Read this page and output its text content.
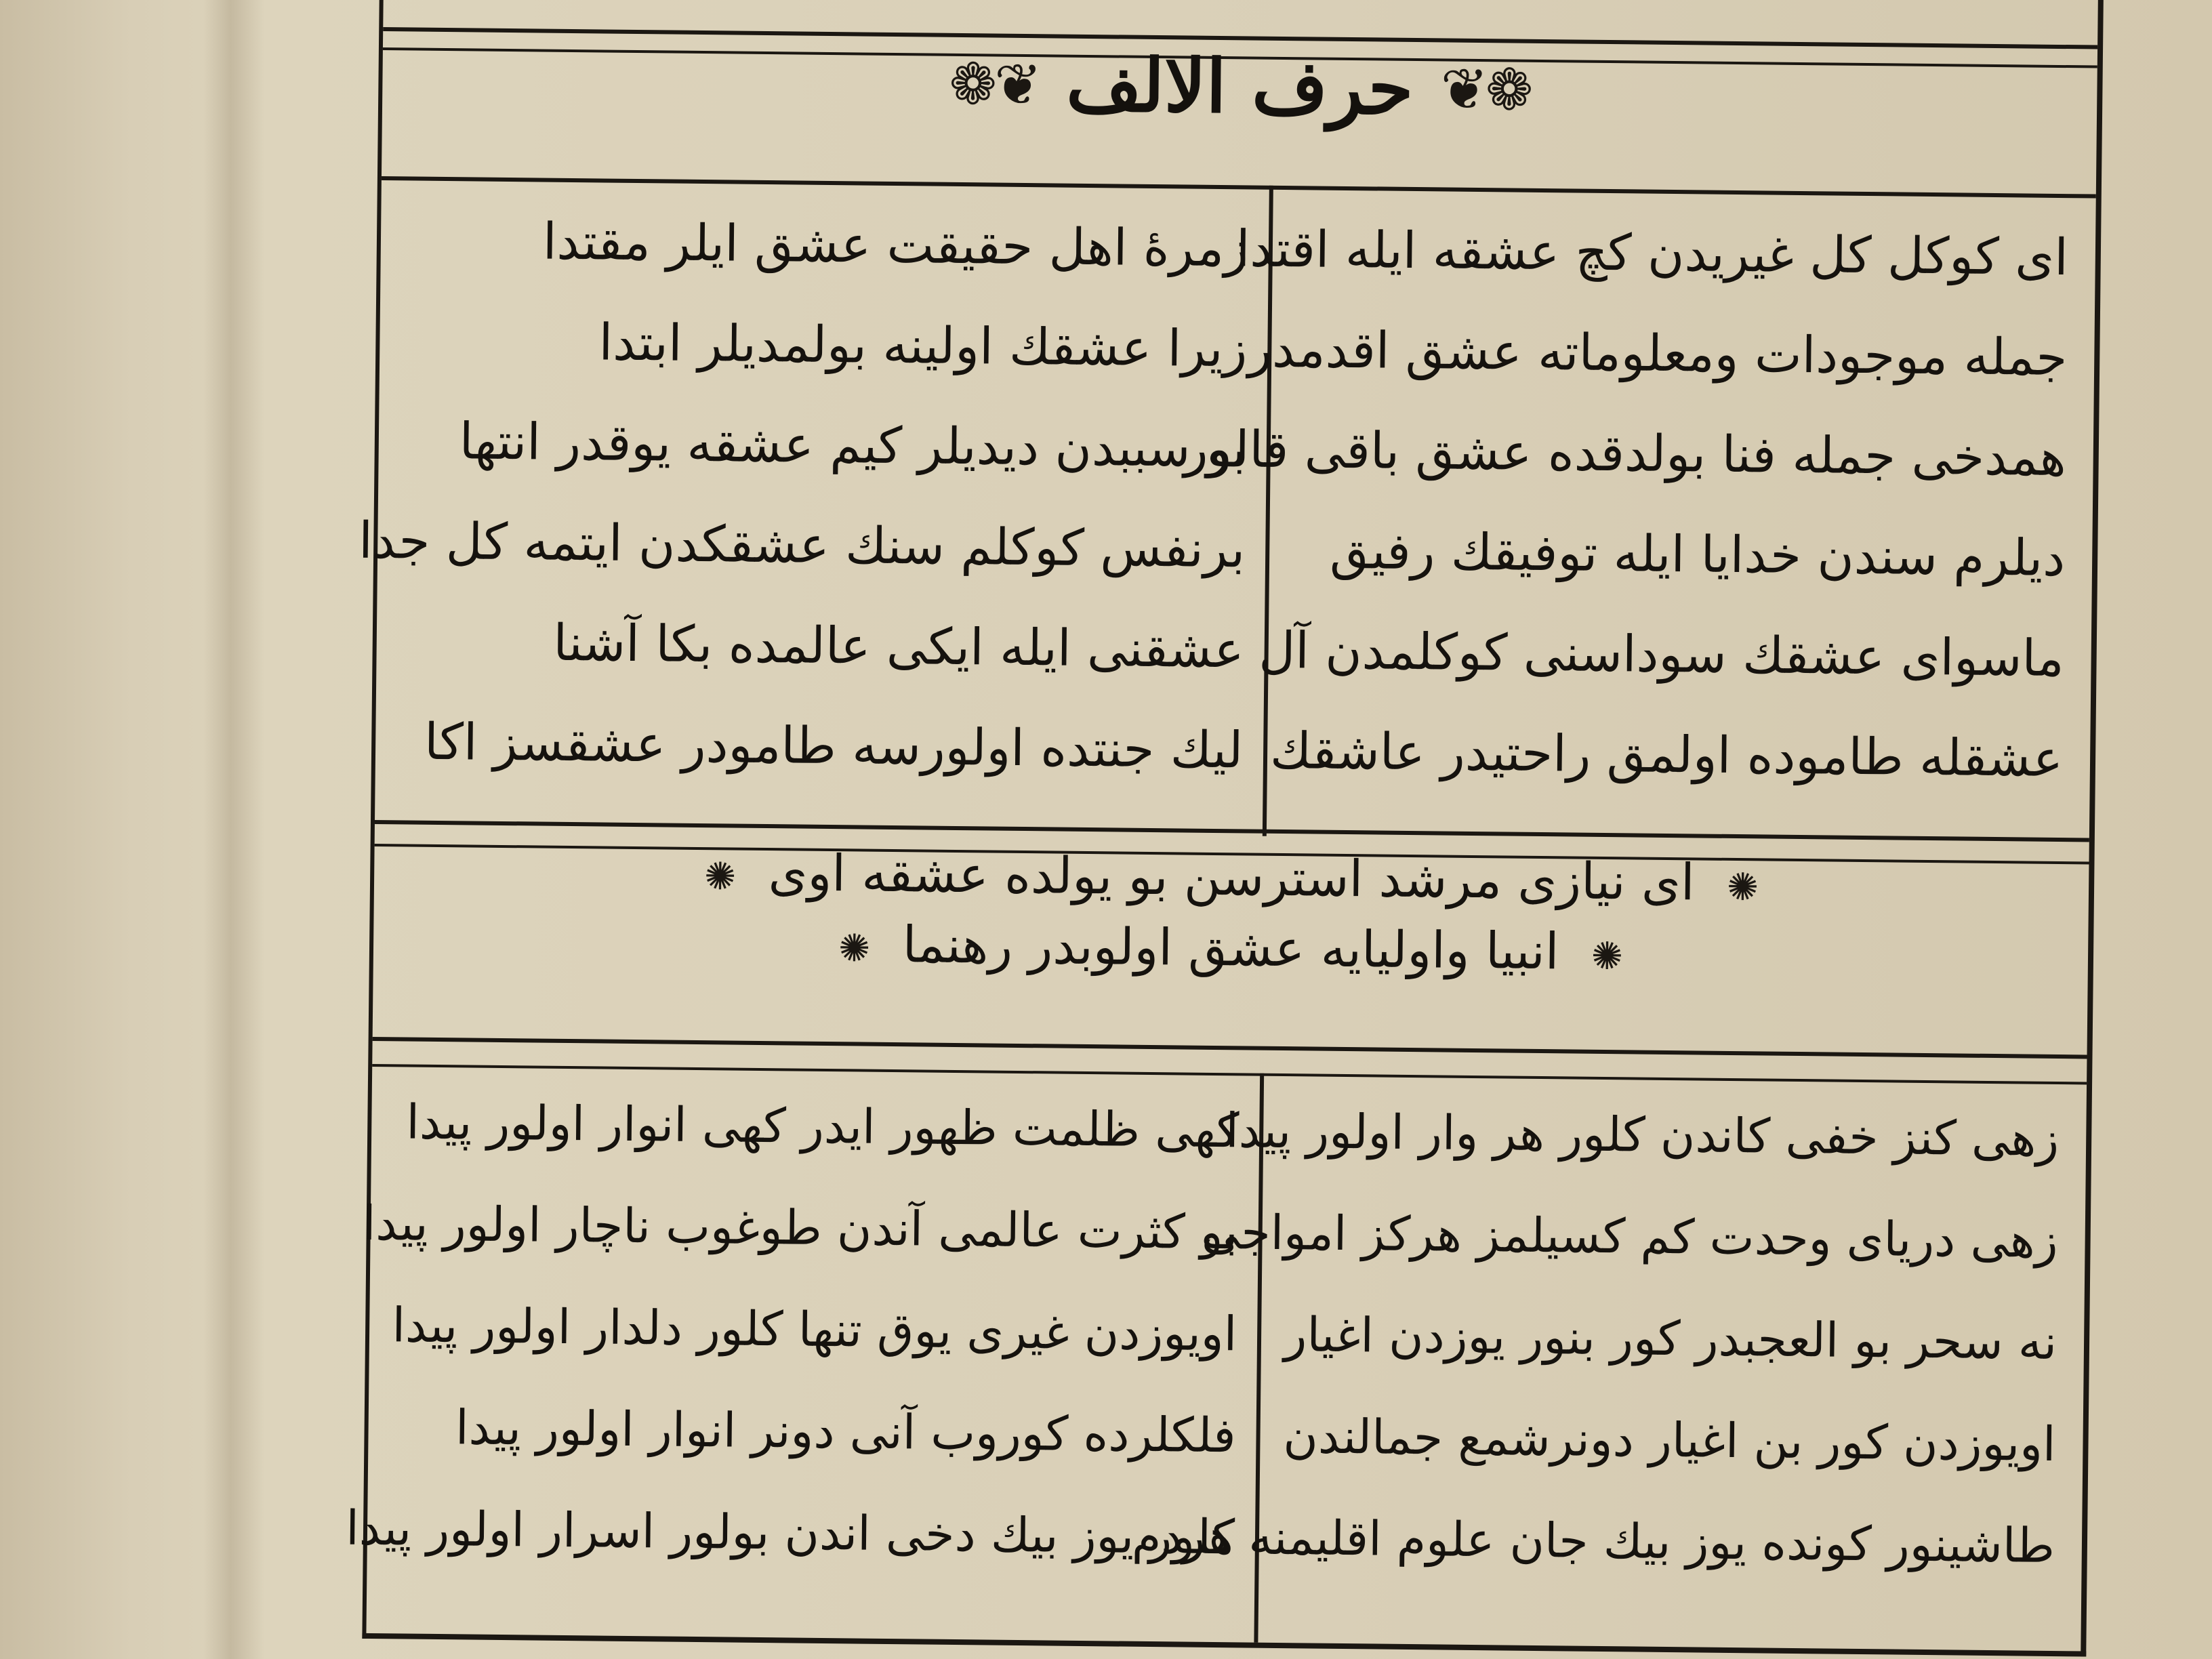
❁❦ حرف الالف ❦❁
ای کوکل کل غیریدن کچ عشقه ایله اقتدا
جمله موجودات ومعلوماته عشق اقدمدر
همدخی جمله فنا بولدقده عشق باقی قالور
دیلرم سندن خدایا ایله توفیقك رفیق
ماسوای عشقك سوداسنی کوکلمدن آل
عشقله طاموده اولمق راحتیدر عاشقك
زمرهٔ اهل حقیقت عشق ایلر مقتدا
زیرا عشقك اولینه بولمدیلر ابتدا
بو سببدن دیدیلر کیم عشقه یوقدر انتها
برنفس کوکلم سنك عشقکدن ایتمه کل جدا
عشقنی ایله ایکی عالمده بکا آشنا
لیك جنتده اولورسه طامودر عشقسز اکا
✺ ای نیازی مرشد استرسن بو یولده عشقه اوی ✺
✺ انبیا واولیایه عشق اولوبدر رهنما ✺
زهی کنز خفی کاندن کلور هر وار اولور پیدا
زهی دریای وحدت کم کسیلمز هرکز امواجی
نه سحر بو العجبدر کور بنور یوزدن اغیار
اویوزدن کور بن اغیار دونرشمع جمالندن
طاشینور کونده یوز بیك جان علوم اقلیمنه هردم
کهی ظلمت ظهور ایدر کهی انوار اولور پیدا
بو کثرت عالمی آندن طوغوب ناچار اولور پیدا
اویوزدن غیری یوق تنها کلور دلدار اولور پیدا
فلکلرده کوروب آنی دونر انوار اولور پیدا
کلور یوز بیك دخی اندن بولور اسرار اولور پیدا
